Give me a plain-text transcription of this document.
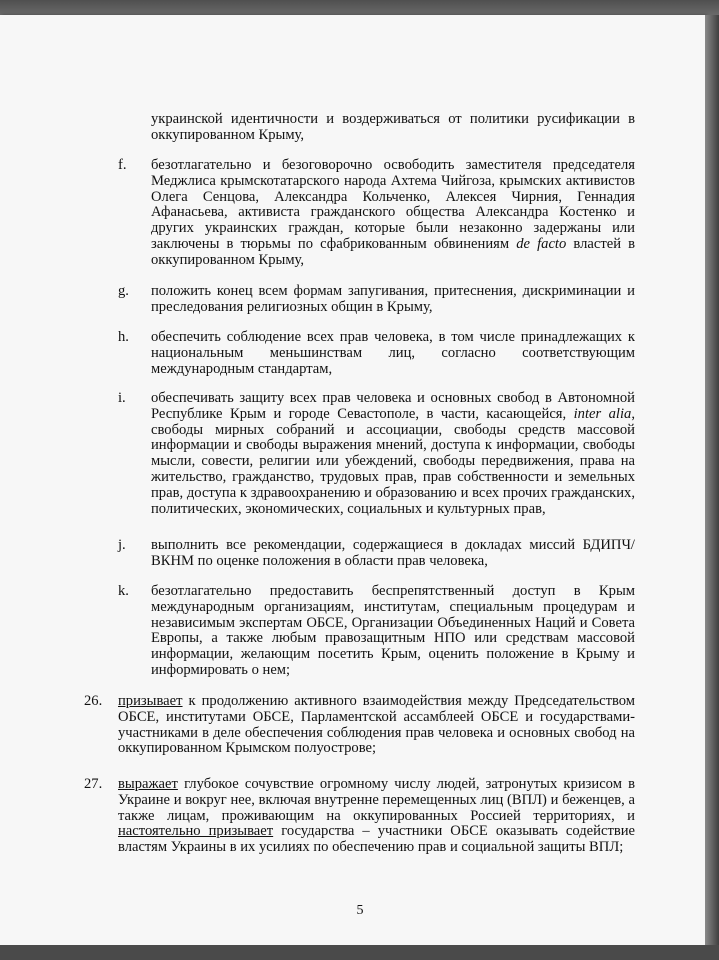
украинской идентичности и воздерживаться от политики русификации в оккупированном Крыму,
f. безотлагательно и безоговорочно освободить заместителя председателя Меджлиса крымскотатарского народа Ахтема Чийгоза, крымских активистов Олега Сенцова, Александра Кольченко, Алексея Чирния, Геннадия Афанасьева, активиста гражданского общества Александра Костенко и других украинских граждан, которые были незаконно задержаны или заключены в тюрьмы по сфабрикованным обвинениям de facto властей в оккупированном Крыму,
g. положить конец всем формам запугивания, притеснения, дискриминации и преследования религиозных общин в Крыму,
h. обеспечить соблюдение всех прав человека, в том числе принадлежащих к национальным меньшинствам лиц, согласно соответствующим международным стандартам,
i. обеспечивать защиту всех прав человека и основных свобод в Автономной Республике Крым и городе Севастополе, в части, касающейся, inter alia, свободы мирных собраний и ассоциации, свободы средств массовой информации и свободы выражения мнений, доступа к информации, свободы мысли, совести, религии или убеждений, свободы передвижения, права на жительство, гражданство, трудовых прав, прав собственности и земельных прав, доступа к здравоохранению и образованию и всех прочих гражданских, политических, экономических, социальных и культурных прав,
j. выполнить все рекомендации, содержащиеся в докладах миссий БДИПЧ/ВКНМ по оценке положения в области прав человека,
k. безотлагательно предоставить беспрепятственный доступ в Крым международным организациям, институтам, специальным процедурам и независимым экспертам ОБСЕ, Организации Объединенных Наций и Совета Европы, а также любым правозащитным НПО или средствам массовой информации, желающим посетить Крым, оценить положение в Крыму и информировать о нем;
26. призывает к продолжению активного взаимодействия между Председательством ОБСЕ, институтами ОБСЕ, Парламентской ассамблеей ОБСЕ и государствами-участниками в деле обеспечения соблюдения прав человека и основных свобод на оккупированном Крымском полуострове;
27. выражает глубокое сочувствие огромному числу людей, затронутых кризисом в Украине и вокруг нее, включая внутренне перемещенных лиц (ВПЛ) и беженцев, а также лицам, проживающим на оккупированных Россией территориях, и настоятельно призывает государства – участники ОБСЕ оказывать содействие властям Украины в их усилиях по обеспечению прав и социальной защиты ВПЛ;
5
